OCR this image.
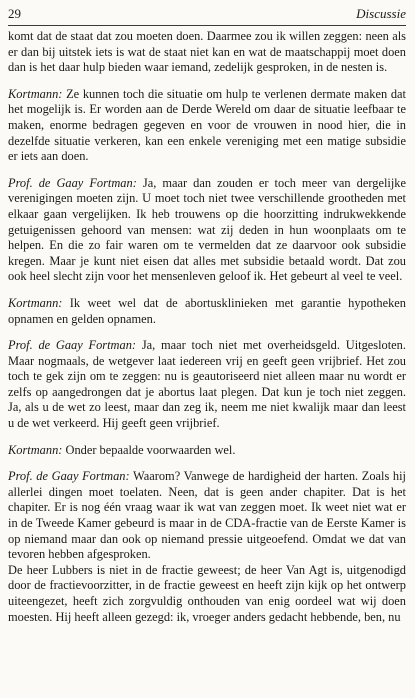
29	Discussie

komt dat de staat dat zou moeten doen. Daarmee zou ik willen zeggen: neen als er dan bij uitstek iets is wat de staat niet kan en wat de maatschappij moet doen dan is het daar hulp bieden waar iemand, zedelijk gesproken, in de nesten is.

Kortmann: Ze kunnen toch die situatie om hulp te verlenen dermate maken dat het mogelijk is. Er worden aan de Derde Wereld om daar de situatie leefbaar te maken, enorme bedragen gegeven en voor de vrouwen in nood hier, die in dezelfde situatie verkeren, kan een enkele vereniging met een matige subsidie er iets aan doen.

Prof. de Gaay Fortman: Ja, maar dan zouden er toch meer van dergelijke verenigingen moeten zijn. U moet toch niet twee verschillende grootheden met elkaar gaan vergelijken. Ik heb trouwens op die hoorzitting indrukwekkende getuigenissen gehoord van mensen: wat zij deden in hun woonplaats om te helpen. En die zo fair waren om te vermelden dat ze daarvoor ook subsidie kregen. Maar je kunt niet eisen dat alles met subsidie betaald wordt. Dat zou ook heel slecht zijn voor het mensenleven geloof ik. Het gebeurt al veel te veel.

Kortmann: Ik weet wel dat de abortusklinieken met garantie hypotheken opnamen en gelden opnamen.

Prof. de Gaay Fortman: Ja, maar toch niet met overheidsgeld. Uitgesloten. Maar nogmaals, de wetgever laat iedereen vrij en geeft geen vrijbrief. Het zou toch te gek zijn om te zeggen: nu is geautoriseerd niet alleen maar nu wordt er zelfs op aangedrongen dat je abortus laat plegen. Dat kun je toch niet zeggen. Ja, als u de wet zo leest, maar dan zeg ik, neem me niet kwalijk maar dan leest u de wet verkeerd. Hij geeft geen vrijbrief.

Kortmann: Onder bepaalde voorwaarden wel.

Prof. de Gaay Fortman: Waarom? Vanwege de hardigheid der harten. Zoals hij allerlei dingen moet toelaten. Neen, dat is geen ander chapiter. Dat is het chapiter. Er is nog één vraag waar ik wat van zeggen moet. Ik weet niet wat er in de Tweede Kamer gebeurd is maar in de CDA-fractie van de Eerste Kamer is op niemand maar dan ook op niemand pressie uitgeoefend. Omdat we dat van tevoren hebben afgesproken.

De heer Lubbers is niet in de fractie geweest; de heer Van Agt is, uitgenodigd door de fractievoorzitter, in de fractie geweest en heeft zijn kijk op het ontwerp uiteengezet, heeft zich zorgvuldig onthouden van enig oordeel wat wij doen moesten. Hij heeft alleen gezegd: ik, vroeger anders gedacht hebbende, ben, nu
